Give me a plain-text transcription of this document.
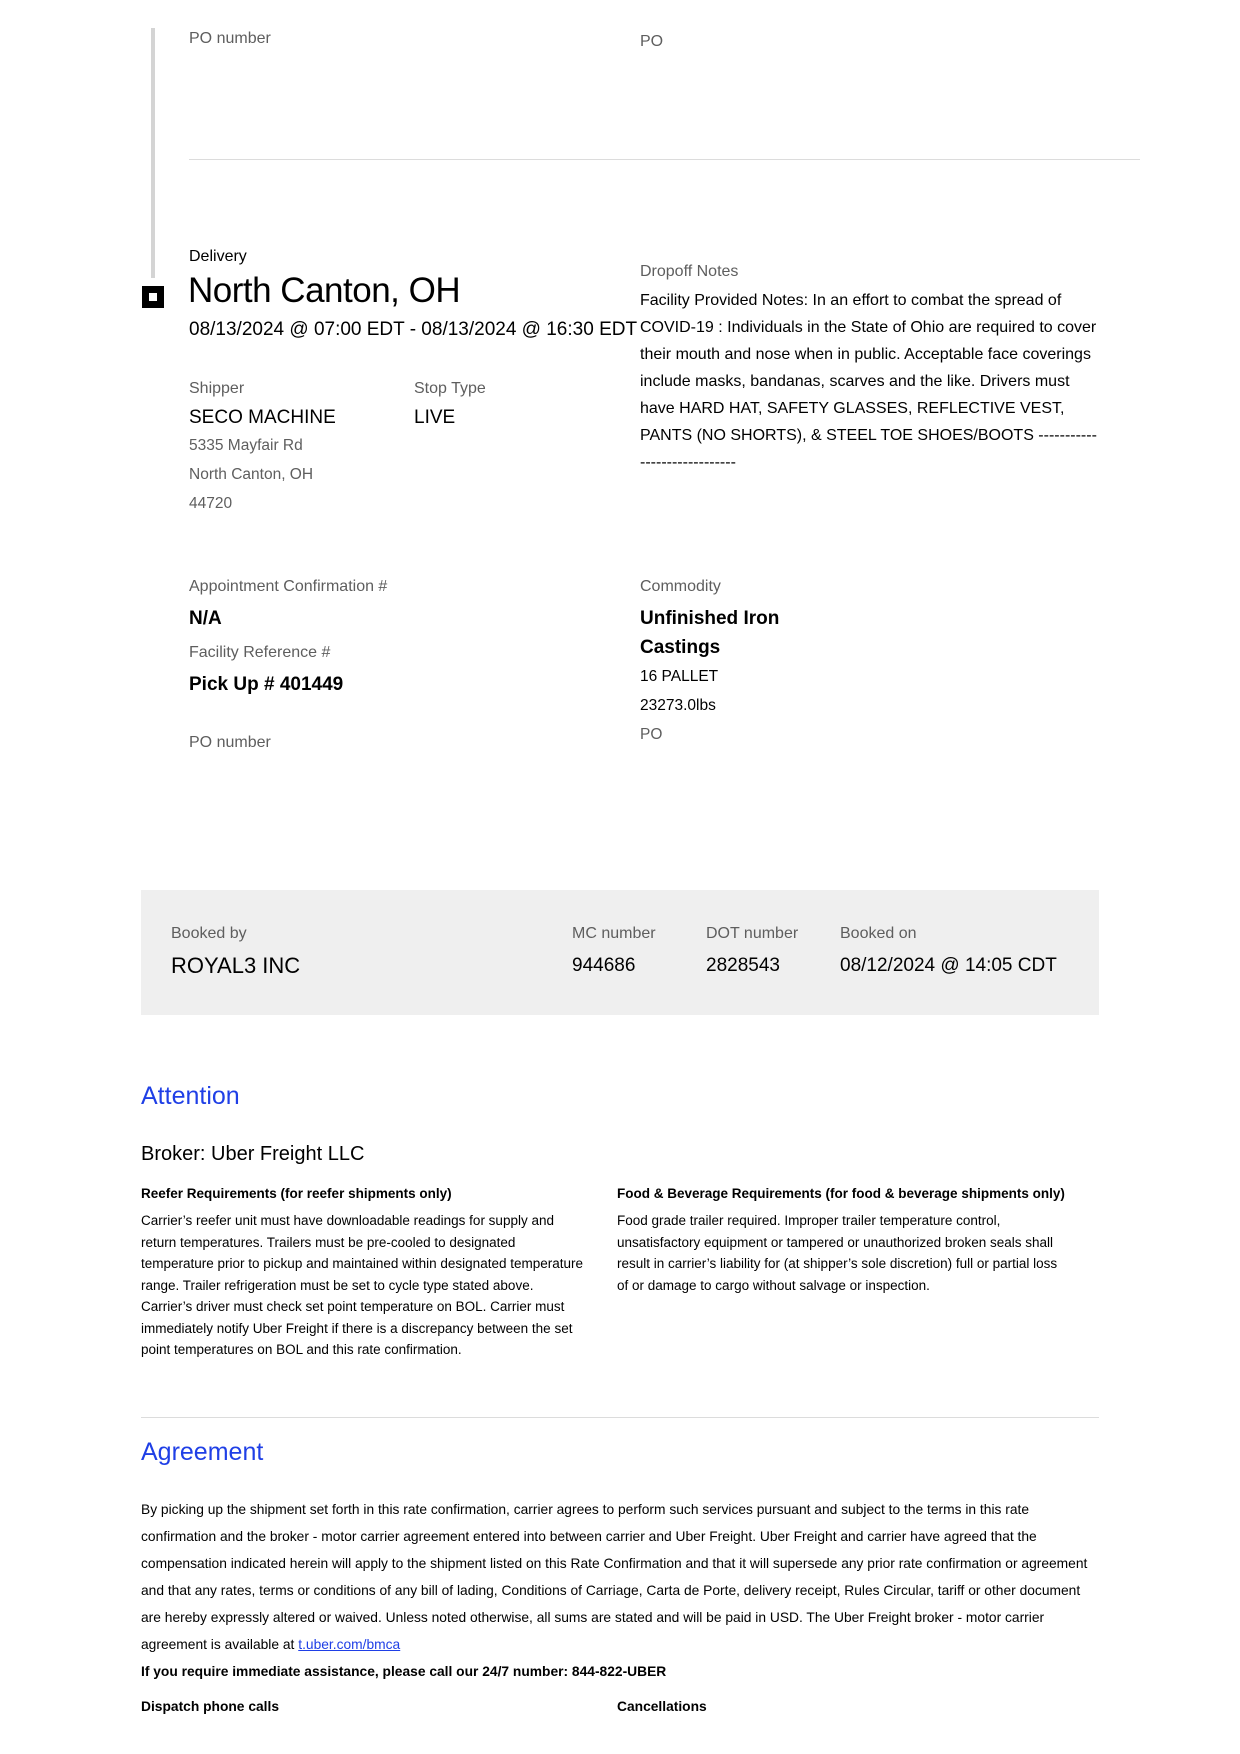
PO number	PO
Delivery
North Canton, OH
08/13/2024 @ 07:00 EDT - 08/13/2024 @ 16:30 EDT
Shipper
SECO MACHINE
5335 Mayfair Rd
North Canton, OH
44720
Stop Type
LIVE
Dropoff Notes
Facility Provided Notes: In an effort to combat the spread of COVID-19 : Individuals in the State of Ohio are required to cover their mouth and nose when in public. Acceptable face coverings include masks, bandanas, scarves and the like. Drivers must have HARD HAT, SAFETY GLASSES, REFLECTIVE VEST, PANTS (NO SHORTS), & STEEL TOE SHOES/BOOTS -----------------------------
Appointment Confirmation #
N/A
Facility Reference #
Pick Up # 401449
PO number
Commodity
Unfinished Iron Castings
16 PALLET
23273.0lbs
PO
Booked by
ROYAL3 INC
MC number
944686
DOT number
2828543
Booked on
08/12/2024 @ 14:05 CDT
Attention
Broker: Uber Freight LLC
Reefer Requirements (for reefer shipments only)
Carrier’s reefer unit must have downloadable readings for supply and return temperatures. Trailers must be pre-cooled to designated temperature prior to pickup and maintained within designated temperature range. Trailer refrigeration must be set to cycle type stated above. Carrier’s driver must check set point temperature on BOL. Carrier must immediately notify Uber Freight if there is a discrepancy between the set point temperatures on BOL and this rate confirmation.
Food & Beverage Requirements (for food & beverage shipments only)
Food grade trailer required. Improper trailer temperature control, unsatisfactory equipment or tampered or unauthorized broken seals shall result in carrier’s liability for (at shipper’s sole discretion) full or partial loss of or damage to cargo without salvage or inspection.
Agreement
By picking up the shipment set forth in this rate confirmation, carrier agrees to perform such services pursuant and subject to the terms in this rate confirmation and the broker - motor carrier agreement entered into between carrier and Uber Freight. Uber Freight and carrier have agreed that the compensation indicated herein will apply to the shipment listed on this Rate Confirmation and that it will supersede any prior rate confirmation or agreement and that any rates, terms or conditions of any bill of lading, Conditions of Carriage, Carta de Porte, delivery receipt, Rules Circular, tariff or other document are hereby expressly altered or waived. Unless noted otherwise, all sums are stated and will be paid in USD. The Uber Freight broker - motor carrier agreement is available at t.uber.com/bmca
If you require immediate assistance, please call our 24/7 number: 844-822-UBER
Dispatch phone calls	Cancellations
